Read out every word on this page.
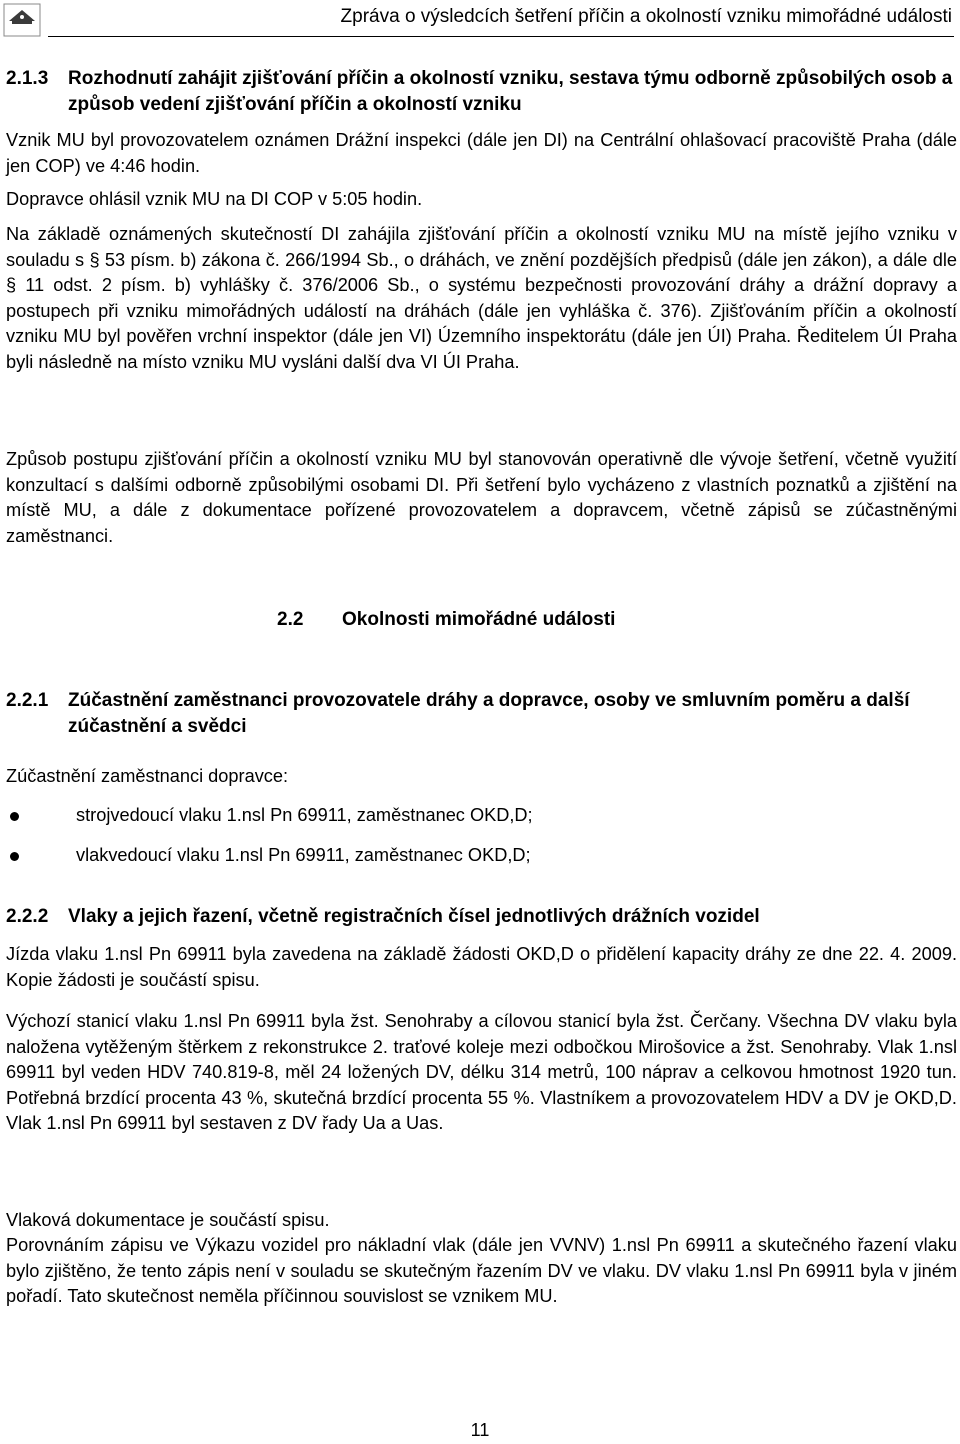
Zpráva o výsledcích šetření příčin a okolností vzniku mimořádné události
2.1.3	Rozhodnutí zahájit zjišťování příčin a okolností vzniku, sestava týmu odborně způsobilých osob a způsob vedení zjišťování příčin a okolností vzniku

Vznik MU byl provozovatelem oznámen Drážní inspekci (dále jen DI) na Centrální ohlašovací pracoviště Praha (dále jen COP) ve 4:46 hodin.

Dopravce ohlásil vznik MU na DI COP v 5:05 hodin.

Na základě oznámených skutečností DI zahájila zjišťování příčin a okolností vzniku MU na místě jejího vzniku v souladu s § 53 písm. b) zákona č. 266/1994 Sb., o dráhách, ve znění pozdějších předpisů (dále jen zákon), a dále dle § 11 odst. 2 písm. b) vyhlášky č. 376/2006 Sb., o systému bezpečnosti provozování dráhy a drážní dopravy a postupech při vzniku mimořádných událostí na dráhách (dále jen vyhláška č. 376). Zjišťováním příčin a okolností vzniku MU byl pověřen vrchní inspektor (dále jen VI) Územního inspektorátu (dále jen ÚI) Praha. Ředitelem ÚI Praha byli následně na místo vzniku MU vysláni další dva VI ÚI Praha.

Způsob postupu zjišťování příčin a okolností vzniku MU byl stanovován operativně dle vývoje šetření, včetně využití konzultací s dalšími odborně způsobilými osobami DI. Při šetření bylo vycházeno z vlastních poznatků a zjištění na místě MU, a dále z dokumentace pořízené provozovatelem a dopravcem, včetně zápisů se zúčastněnými zaměstnanci.

2.2 Okolnosti mimořádné události
2.2.1	Zúčastnění zaměstnanci provozovatele dráhy a dopravce, osoby ve smluvním poměru a další zúčastnění a svědci

Zúčastnění zaměstnanci dopravce:

strojvedoucí vlaku 1.nsl Pn 69911, zaměstnanec OKD,D;
vlakvedoucí vlaku 1.nsl Pn 69911, zaměstnanec OKD,D;
2.2.2	Vlaky a jejich řazení, včetně registračních čísel jednotlivých drážních vozidel

Jízda vlaku 1.nsl Pn 69911 byla zavedena na základě žádosti OKD,D o přidělení kapacity dráhy ze dne 22. 4. 2009. Kopie žádosti je součástí spisu.

Výchozí stanicí vlaku 1.nsl Pn 69911 byla žst. Senohraby a cílovou stanicí byla žst. Čerčany. Všechna DV vlaku byla naložena vytěženým štěrkem z rekonstrukce 2. traťové koleje mezi odbočkou Mirošovice a žst. Senohraby. Vlak 1.nsl 69911 byl veden HDV 740.819-8, měl 24 ložených DV, délku 314 metrů, 100 náprav a celkovou hmotnost 1920 tun. Potřebná brzdící procenta 43 %, skutečná brzdící procenta 55 %. Vlastníkem a provozovatelem HDV a DV je OKD,D. Vlak 1.nsl Pn 69911 byl sestaven z DV řady Ua a Uas.

Vlaková dokumentace je součástí spisu.

Porovnáním zápisu ve Výkazu vozidel pro nákladní vlak (dále jen VVNV) 1.nsl Pn 69911 a skutečného řazení vlaku bylo zjištěno, že tento zápis není v souladu se skutečným řazením DV ve vlaku. DV vlaku 1.nsl Pn 69911 byla v jiném pořadí. Tato skutečnost neměla příčinnou souvislost se vznikem MU.

11
